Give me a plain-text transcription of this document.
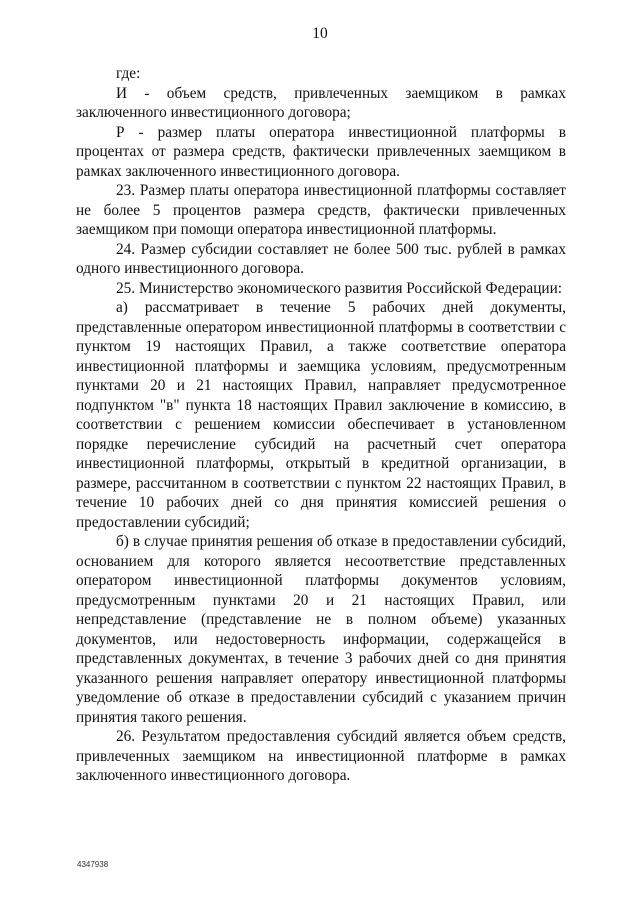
10

где:

И - объем средств, привлеченных заемщиком в рамках заключенного инвестиционного договора;

Р - размер платы оператора инвестиционной платформы в процентах от размера средств, фактически привлеченных заемщиком в рамках заключенного инвестиционного договора.

23. Размер платы оператора инвестиционной платформы составляет не более 5 процентов размера средств, фактически привлеченных заемщиком при помощи оператора инвестиционной платформы.

24. Размер субсидии составляет не более 500 тыс. рублей в рамках одного инвестиционного договора.

25. Министерство экономического развития Российской Федерации:

а) рассматривает в течение 5 рабочих дней документы, представленные оператором инвестиционной платформы в соответствии с пунктом 19 настоящих Правил, а также соответствие оператора инвестиционной платформы и заемщика условиям, предусмотренным пунктами 20 и 21 настоящих Правил, направляет предусмотренное подпунктом "в" пункта 18 настоящих Правил заключение в комиссию, в соответствии с решением комиссии обеспечивает в установленном порядке перечисление субсидий на расчетный счет оператора инвестиционной платформы, открытый в кредитной организации, в размере, рассчитанном в соответствии с пунктом 22 настоящих Правил, в течение 10 рабочих дней со дня принятия комиссией решения о предоставлении субсидий;

б) в случае принятия решения об отказе в предоставлении субсидий, основанием для которого является несоответствие представленных оператором инвестиционной платформы документов условиям, предусмотренным пунктами 20 и 21 настоящих Правил, или непредставление (представление не в полном объеме) указанных документов, или недостоверность информации, содержащейся в представленных документах, в течение 3 рабочих дней со дня принятия указанного решения направляет оператору инвестиционной платформы уведомление об отказе в предоставлении субсидий с указанием причин принятия такого решения.

26. Результатом предоставления субсидий является объем средств, привлеченных заемщиком на инвестиционной платформе в рамках заключенного инвестиционного договора.

4347938
